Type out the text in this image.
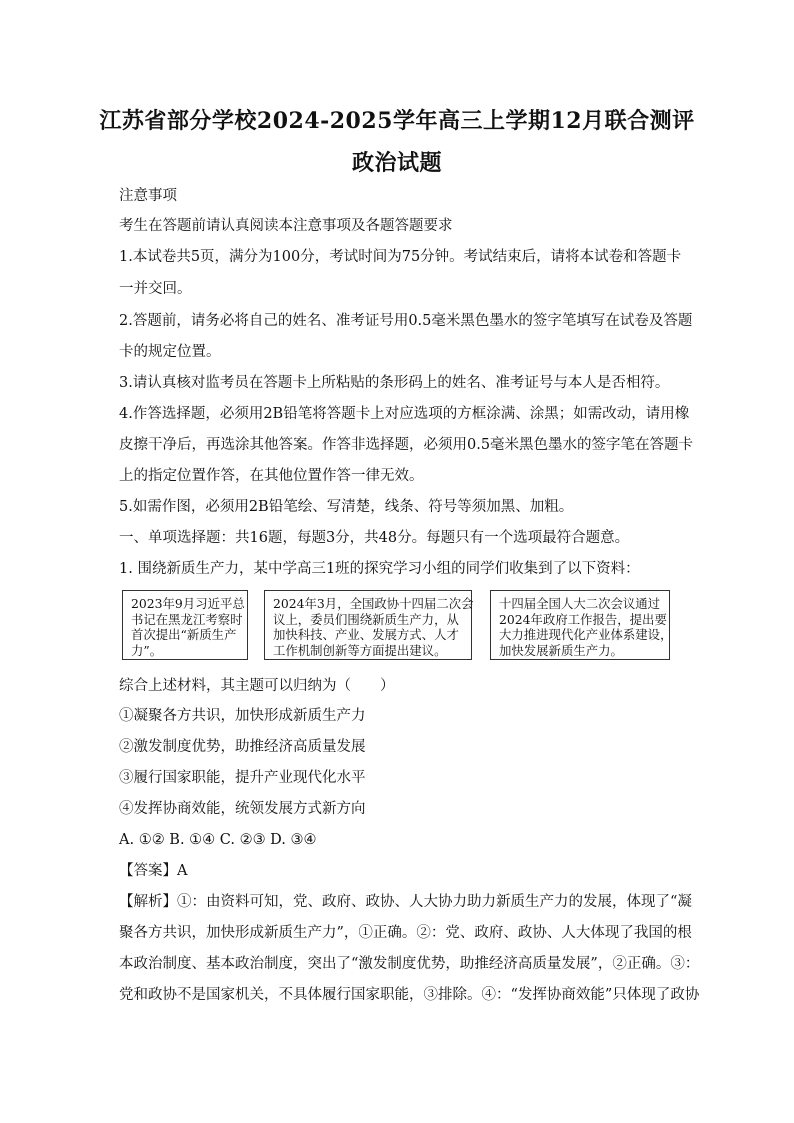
江苏省部分学校2024-2025学年高三上学期12月联合测评
政治试题
注意事项
考生在答题前请认真阅读本注意事项及各题答题要求
1.本试卷共5页，满分为100分，考试时间为75分钟。考试结束后，请将本试卷和答题卡
一并交回。
2.答题前，请务必将自己的姓名、准考证号用0.5毫米黑色墨水的签字笔填写在试卷及答题
卡的规定位置。
3.请认真核对监考员在答题卡上所粘贴的条形码上的姓名、准考证号与本人是否相符。
4.作答选择题，必须用2B铅笔将答题卡上对应选项的方框涂满、涂黑；如需改动，请用橡
皮擦干净后，再选涂其他答案。作答非选择题，必须用0.5毫米黑色墨水的签字笔在答题卡
上的指定位置作答，在其他位置作答一律无效。
5.如需作图，必须用2B铅笔绘、写清楚，线条、符号等须加黑、加粗。
一、单项选择题：共16题，每题3分，共48分。每题只有一个选项最符合题意。
1. 围绕新质生产力，某中学高三1班的探究学习小组的同学们收集到了以下资料：
2023年9月习近平总
书记在黑龙江考察时
首次提出“新质生产
力”。
2024年3月，全国政协十四届二次会
议上，委员们围绕新质生产力，从
加快科技、产业、发展方式、人才
工作机制创新等方面提出建议。
十四届全国人大二次会议通过
2024年政府工作报告，提出要
大力推进现代化产业体系建设，
加快发展新质生产力。
综合上述材料，其主题可以归纳为（　　）
①凝聚各方共识，加快形成新质生产力
②激发制度优势，助推经济高质量发展
③履行国家职能，提升产业现代化水平
④发挥协商效能，统领发展方式新方向
A. ①② B. ①④ C. ②③ D. ③④
【答案】A
【解析】①：由资料可知，党、政府、政协、人大协力助力新质生产力的发展，体现了“凝
聚各方共识，加快形成新质生产力”，①正确。②：党、政府、政协、人大体现了我国的根
本政治制度、基本政治制度，突出了“激发制度优势，助推经济高质量发展”，②正确。③：
党和政协不是国家机关，不具体履行国家职能，③排除。④：“发挥协商效能”只体现了政协
